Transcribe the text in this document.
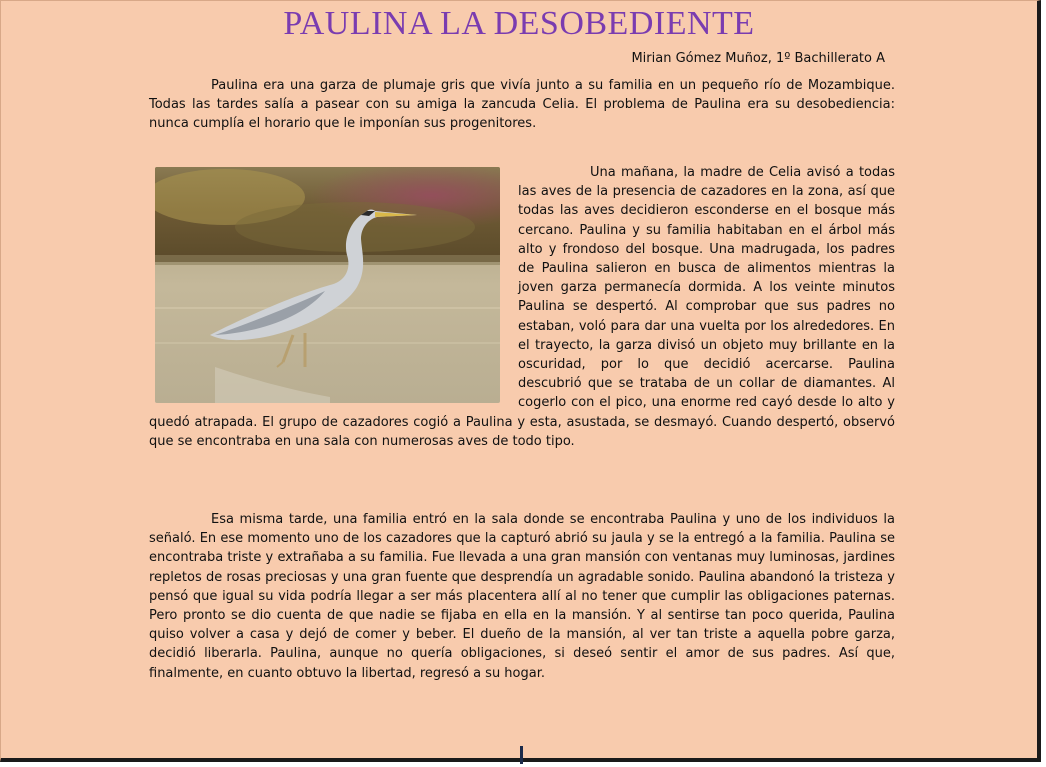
PAULINA LA DESOBEDIENTE
Mirian Gómez Muñoz, 1º Bachillerato A

Paulina era una garza de plumaje gris que vivía junto a su familia en un pequeño río de Mozambique. Todas las tardes salía a pasear con su amiga la zancuda Celia. El problema de Paulina era su desobediencia: nunca cumplía el horario que le imponían sus progenitores.

Una mañana, la madre de Celia avisó a todas las aves de la presencia de cazadores en la zona, así que todas las aves decidieron esconderse en el bosque más cercano. Paulina y su familia habitaban en el árbol más alto y frondoso del bosque. Una madrugada, los padres de Paulina salieron en busca de alimentos mientras la joven garza permanecía dormida. A los veinte minutos Paulina se despertó. Al comprobar que sus padres no estaban, voló para dar una vuelta por los alrededores. En el trayecto, la garza divisó un objeto muy brillante en la oscuridad, por lo que decidió acercarse. Paulina descubrió que se trataba de un collar de diamantes. Al cogerlo con el pico, una enorme red cayó desde lo alto y quedó atrapada. El grupo de cazadores cogió a Paulina y esta, asustada, se desmayó. Cuando despertó, observó que se encontraba en una sala con numerosas aves de todo tipo.

Esa misma tarde, una familia entró en la sala donde se encontraba Paulina y uno de los individuos la señaló. En ese momento uno de los cazadores que la capturó abrió su jaula y se la entregó a la familia. Paulina se encontraba triste y extrañaba a su familia. Fue llevada a una gran mansión con ventanas muy luminosas, jardines repletos de rosas preciosas y una gran fuente que desprendía un agradable sonido. Paulina abandonó la tristeza y pensó que igual su vida podría llegar a ser más placentera allí al no tener que cumplir las obligaciones paternas. Pero pronto se dio cuenta de que nadie se fijaba en ella en la mansión. Y al sentirse tan poco querida, Paulina quiso volver a casa y dejó de comer y beber. El dueño de la mansión, al ver tan triste a aquella pobre garza, decidió liberarla. Paulina, aunque no quería obligaciones, si deseó sentir el amor de sus padres. Así que, finalmente, en cuanto obtuvo la libertad, regresó a su hogar.
